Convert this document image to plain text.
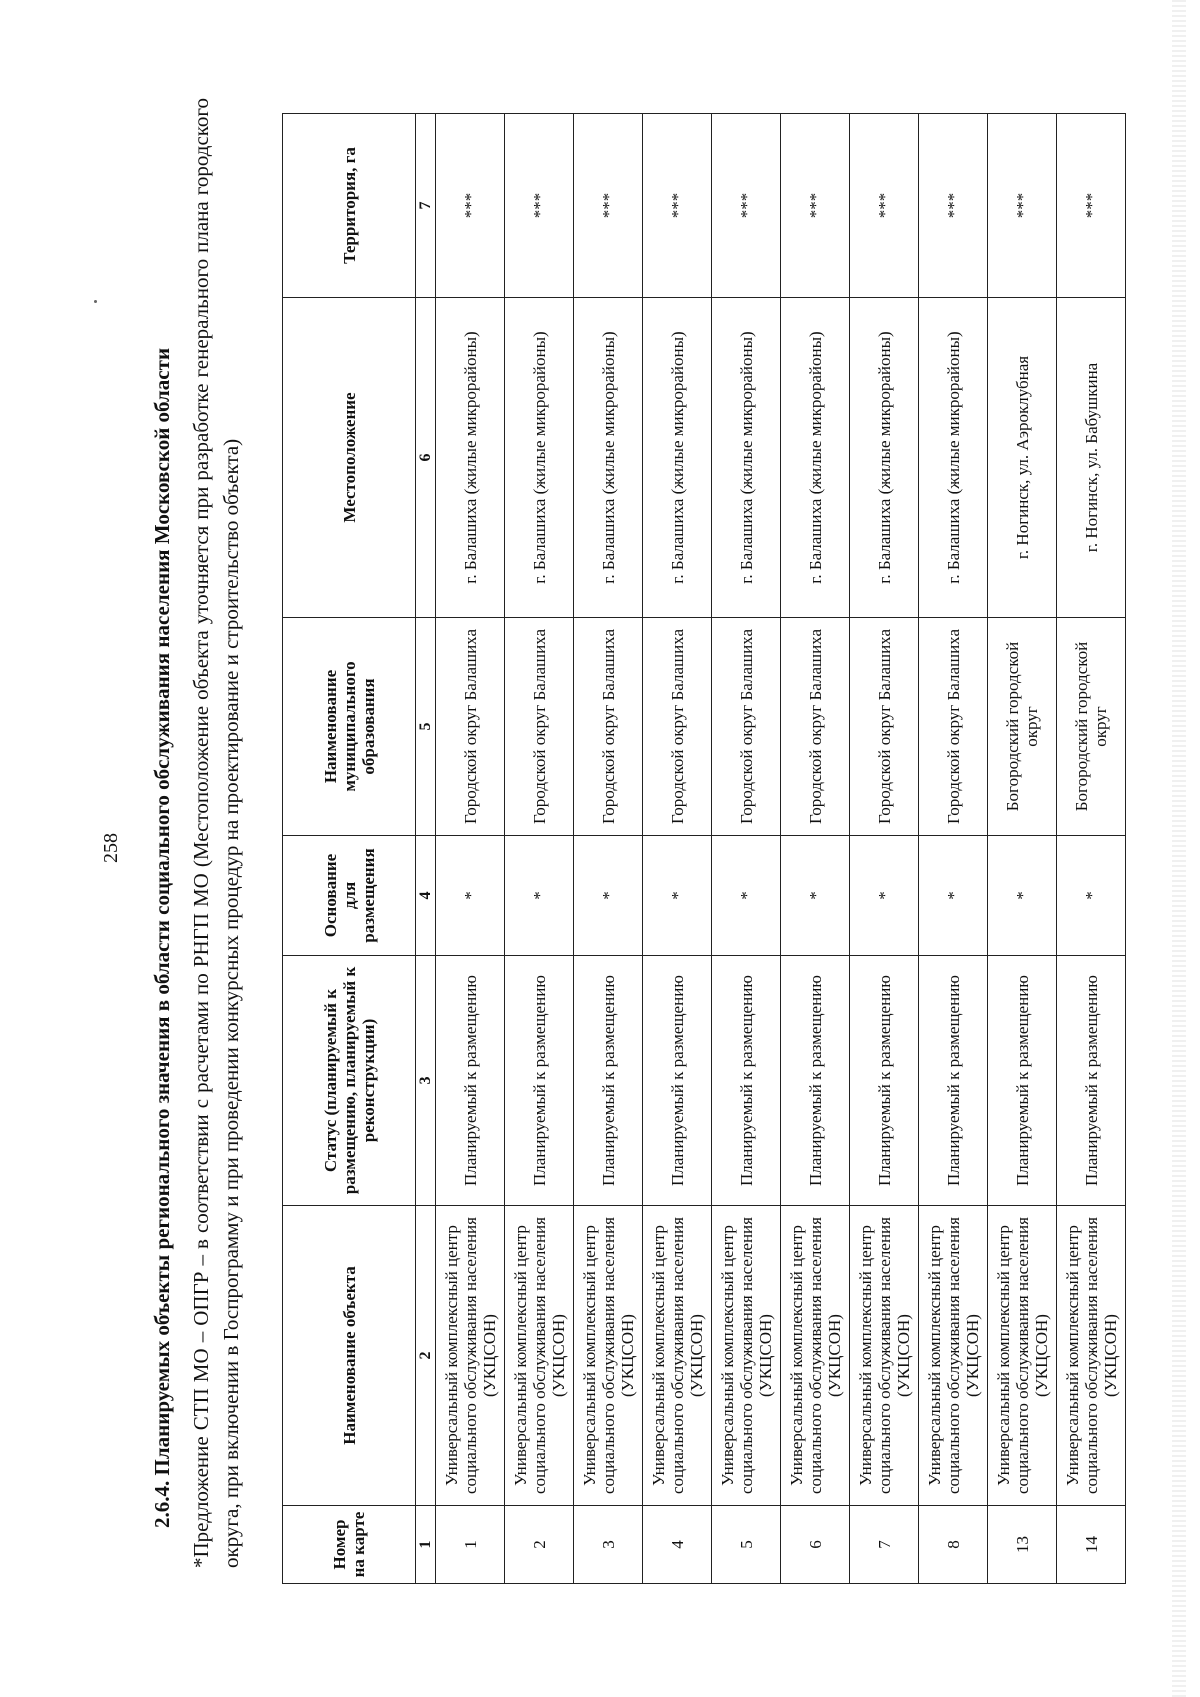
258 2.6.4. Планируемых объекты регионального значения в области социального обслуживания населения Московской области *Предложение СТП МО – ОПГР – в соответствии с расчетами по РНГП МО (Местоположение объекта уточняется при разработке генерального плана городского округа, при включении в Госпрограмму и при проведении конкурсных процедур на проектирование и строительство объекта)	Номер на карте	Наименование объекта	Статус (планируемый к размещению, планируемый к реконструкции)	Основание для размещения	Наименование муниципального образования	Местоположение	Территория, га
1	2	3	4	5	6	7
1	Универсальный комплексный центр социального обслуживания населения (УКЦСОН)	Планируемый к размещению	*	Городской округ Балашиха	г. Балашиха (жилые микрорайоны)	***
2	Универсальный комплексный центр социального обслуживания населения (УКЦСОН)	Планируемый к размещению	*	Городской округ Балашиха	г. Балашиха (жилые микрорайоны)	***
3	Универсальный комплексный центр социального обслуживания населения (УКЦСОН)	Планируемый к размещению	*	Городской округ Балашиха	г. Балашиха (жилые микрорайоны)	***
4	Универсальный комплексный центр социального обслуживания населения (УКЦСОН)	Планируемый к размещению	*	Городской округ Балашиха	г. Балашиха (жилые микрорайоны)	***
5	Универсальный комплексный центр социального обслуживания населения (УКЦСОН)	Планируемый к размещению	*	Городской округ Балашиха	г. Балашиха (жилые микрорайоны)	***
6	Универсальный комплексный центр социального обслуживания населения (УКЦСОН)	Планируемый к размещению	*	Городской округ Балашиха	г. Балашиха (жилые микрорайоны)	***
7	Универсальный комплексный центр социального обслуживания населения (УКЦСОН)	Планируемый к размещению	*	Городской округ Балашиха	г. Балашиха (жилые микрорайоны)	***
8	Универсальный комплексный центр социального обслуживания населения (УКЦСОН)	Планируемый к размещению	*	Городской округ Балашиха	г. Балашиха (жилые микрорайоны)	***
13	Универсальный комплексный центр социального обслуживания населения (УКЦСОН)	Планируемый к размещению	*	Богородский городской округ	г. Ногинск, ул. Аэроклубная	***
14	Универсальный комплексный центр социального обслуживания населения (УКЦСОН)	Планируемый к размещению	*	Богородский городской округ	г. Ногинск, ул. Бабушкина	***
